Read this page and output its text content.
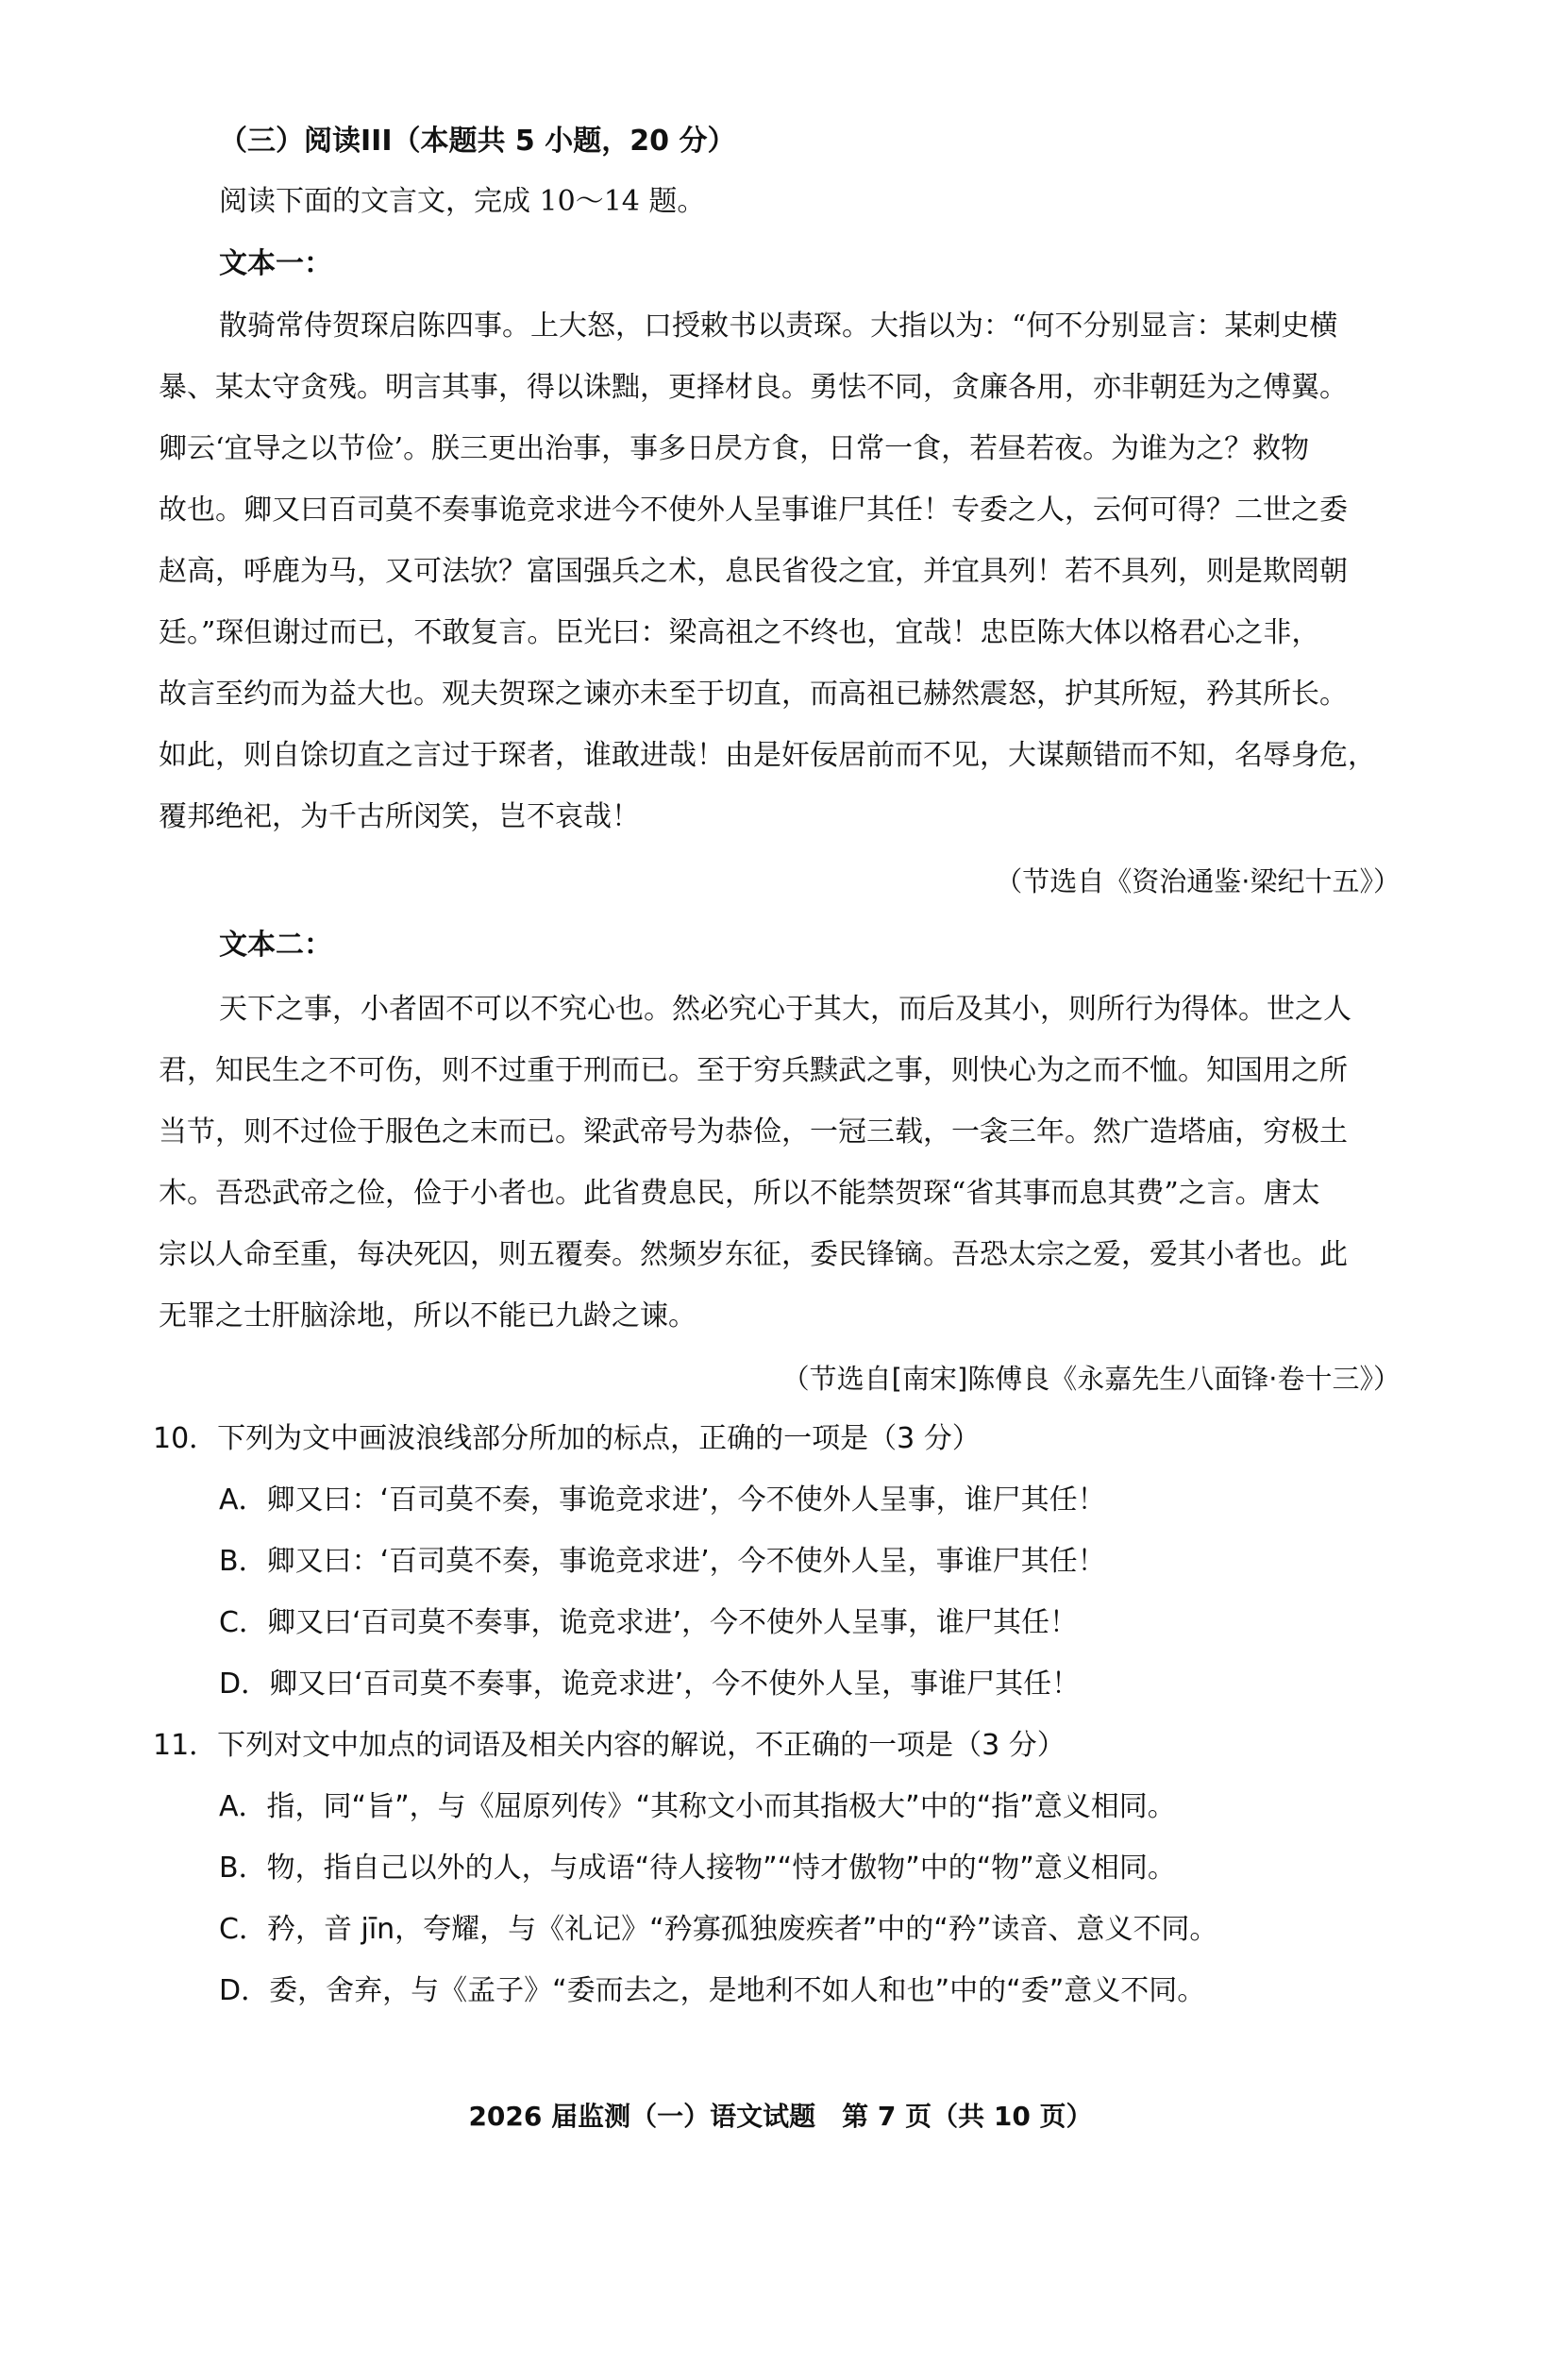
（三）阅读III（本题共 5 小题，20 分）
阅读下面的文言文，完成 10～14 题。
文本一：
散骑常侍贺琛启陈四事。上大怒，口授敕书以责琛。大指以为：“何不分别显言：某刺史横
暴、某太守贪残。明言其事，得以诛黜，更择材良。勇怯不同，贪廉各用，亦非朝廷为之傅翼。
卿云‘宜导之以节俭’。朕三更出治事，事多日昃方食，日常一食，若昼若夜。为谁为之？救物
故也。卿又曰百司莫不奏事诡竞求进今不使外人呈事谁尸其任！专委之人，云何可得？二世之委
赵高，呼鹿为马，又可法欤？富国强兵之术，息民省役之宜，并宜具列！若不具列，则是欺罔朝
廷。”琛但谢过而已，不敢复言。臣光曰：梁高祖之不终也，宜哉！忠臣陈大体以格君心之非，
故言至约而为益大也。观夫贺琛之谏亦未至于切直，而高祖已赫然震怒，护其所短，矜其所长。
如此，则自馀切直之言过于琛者，谁敢进哉！由是奸佞居前而不见，大谋颠错而不知，名辱身危，
覆邦绝祀，为千古所闵笑，岂不哀哉！
（节选自《资治通鉴·梁纪十五》）
文本二：
天下之事，小者固不可以不究心也。然必究心于其大，而后及其小，则所行为得体。世之人
君，知民生之不可伤，则不过重于刑而已。至于穷兵黩武之事，则快心为之而不恤。知国用之所
当节，则不过俭于服色之末而已。梁武帝号为恭俭，一冠三载，一衾三年。然广造塔庙，穷极土
木。吾恐武帝之俭，俭于小者也。此省费息民，所以不能禁贺琛“省其事而息其费”之言。唐太
宗以人命至重，每决死囚，则五覆奏。然频岁东征，委民锋镝。吾恐太宗之爱，爱其小者也。此
无罪之士肝脑涂地，所以不能已九龄之谏。
（节选自[南宋]陈傅良《永嘉先生八面锋·卷十三》）
10．下列为文中画波浪线部分所加的标点，正确的一项是（3 分）
A．卿又曰：‘百司莫不奏，事诡竞求进’，今不使外人呈事，谁尸其任！
B．卿又曰：‘百司莫不奏，事诡竞求进’，今不使外人呈，事谁尸其任！
C．卿又曰‘百司莫不奏事，诡竞求进’，今不使外人呈事，谁尸其任！
D．卿又曰‘百司莫不奏事，诡竞求进’，今不使外人呈，事谁尸其任！
11．下列对文中加点的词语及相关内容的解说，不正确的一项是（3 分）
A．指，同“旨”，与《屈原列传》“其称文小而其指极大”中的“指”意义相同。
B．物，指自己以外的人，与成语“待人接物”“恃才傲物”中的“物”意义相同。
C．矜，音 jīn，夸耀，与《礼记》“矜寡孤独废疾者”中的“矜”读音、意义不同。
D．委，舍弃，与《孟子》“委而去之，是地利不如人和也”中的“委”意义不同。
2026 届监测（一）语文试题　第 7 页（共 10 页）
